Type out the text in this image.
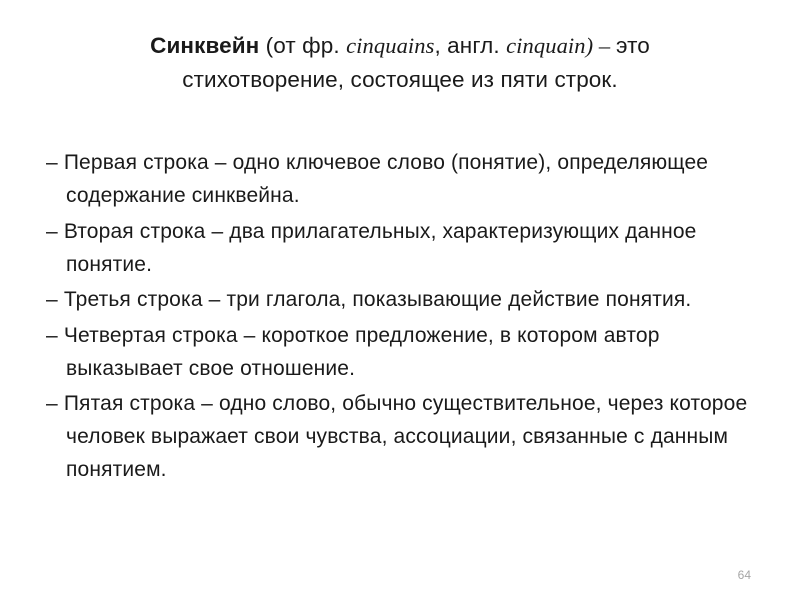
Синквейн (от фр. cinquains, англ. cinquain) – это
стихотворение, состоящее из пяти строк.
– Первая строка – одно ключевое слово (понятие), определяющее содержание синквейна.
– Вторая строка – два прилагательных, характеризующих данное понятие.
– Третья строка – три глагола, показывающие действие понятия.
– Четвертая строка – короткое предложение, в котором автор выказывает свое отношение.
– Пятая строка – одно слово, обычно существительное, через которое человек выражает свои чувства, ассоциации, связанные с данным понятием.
64
